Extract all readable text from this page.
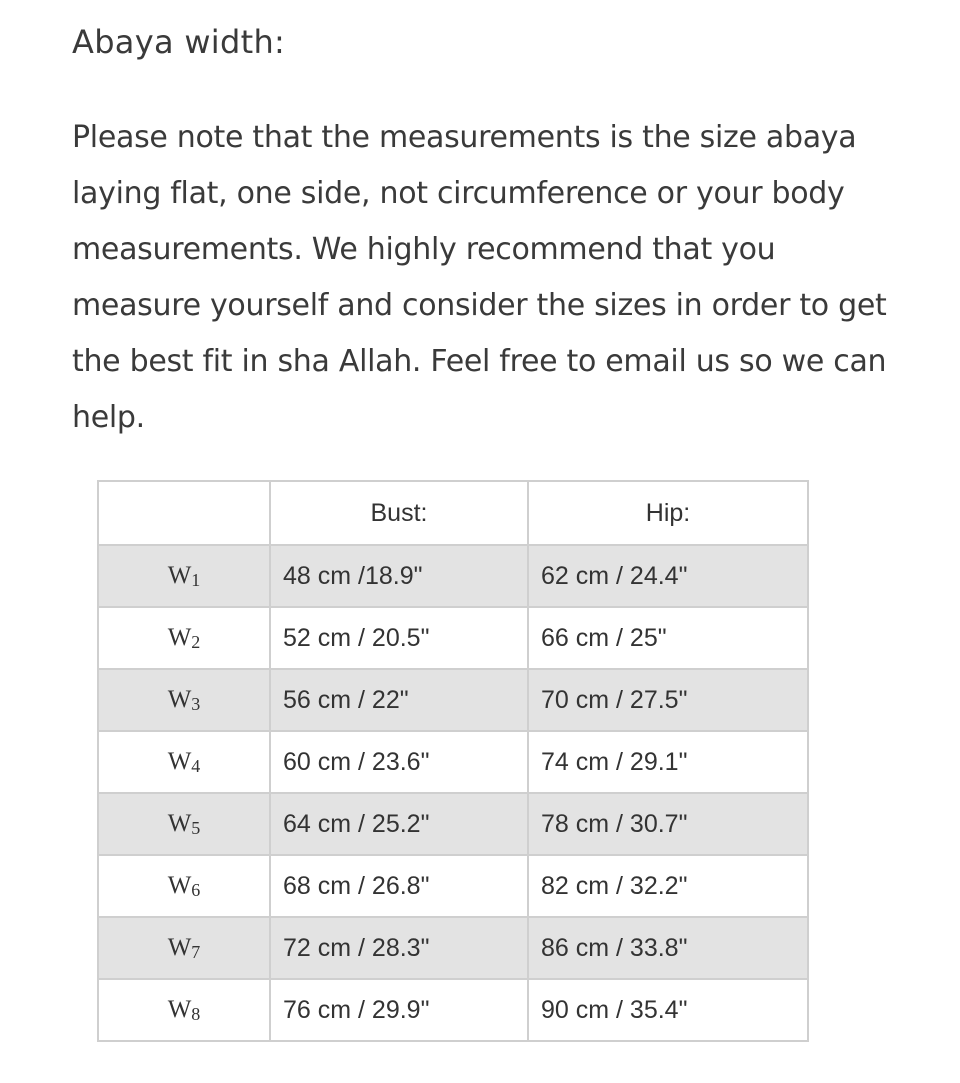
Abaya width:

Please note that the measurements is the size abaya laying flat, one side, not circumference or your body measurements. We highly recommend that you measure yourself and consider the sizes in order to get the best fit in sha Allah. Feel free to email us so we can help.

	Bust:	Hip:
W1	48 cm /18.9"	62 cm / 24.4"
W2	52 cm / 20.5"	66 cm / 25"
W3	56 cm / 22"	70 cm / 27.5"
W4	60 cm / 23.6"	74 cm / 29.1"
W5	64 cm / 25.2"	78 cm / 30.7"
W6	68 cm / 26.8"	82 cm / 32.2"
W7	72 cm / 28.3"	86 cm / 33.8"
W8	76 cm / 29.9"	90 cm / 35.4"
